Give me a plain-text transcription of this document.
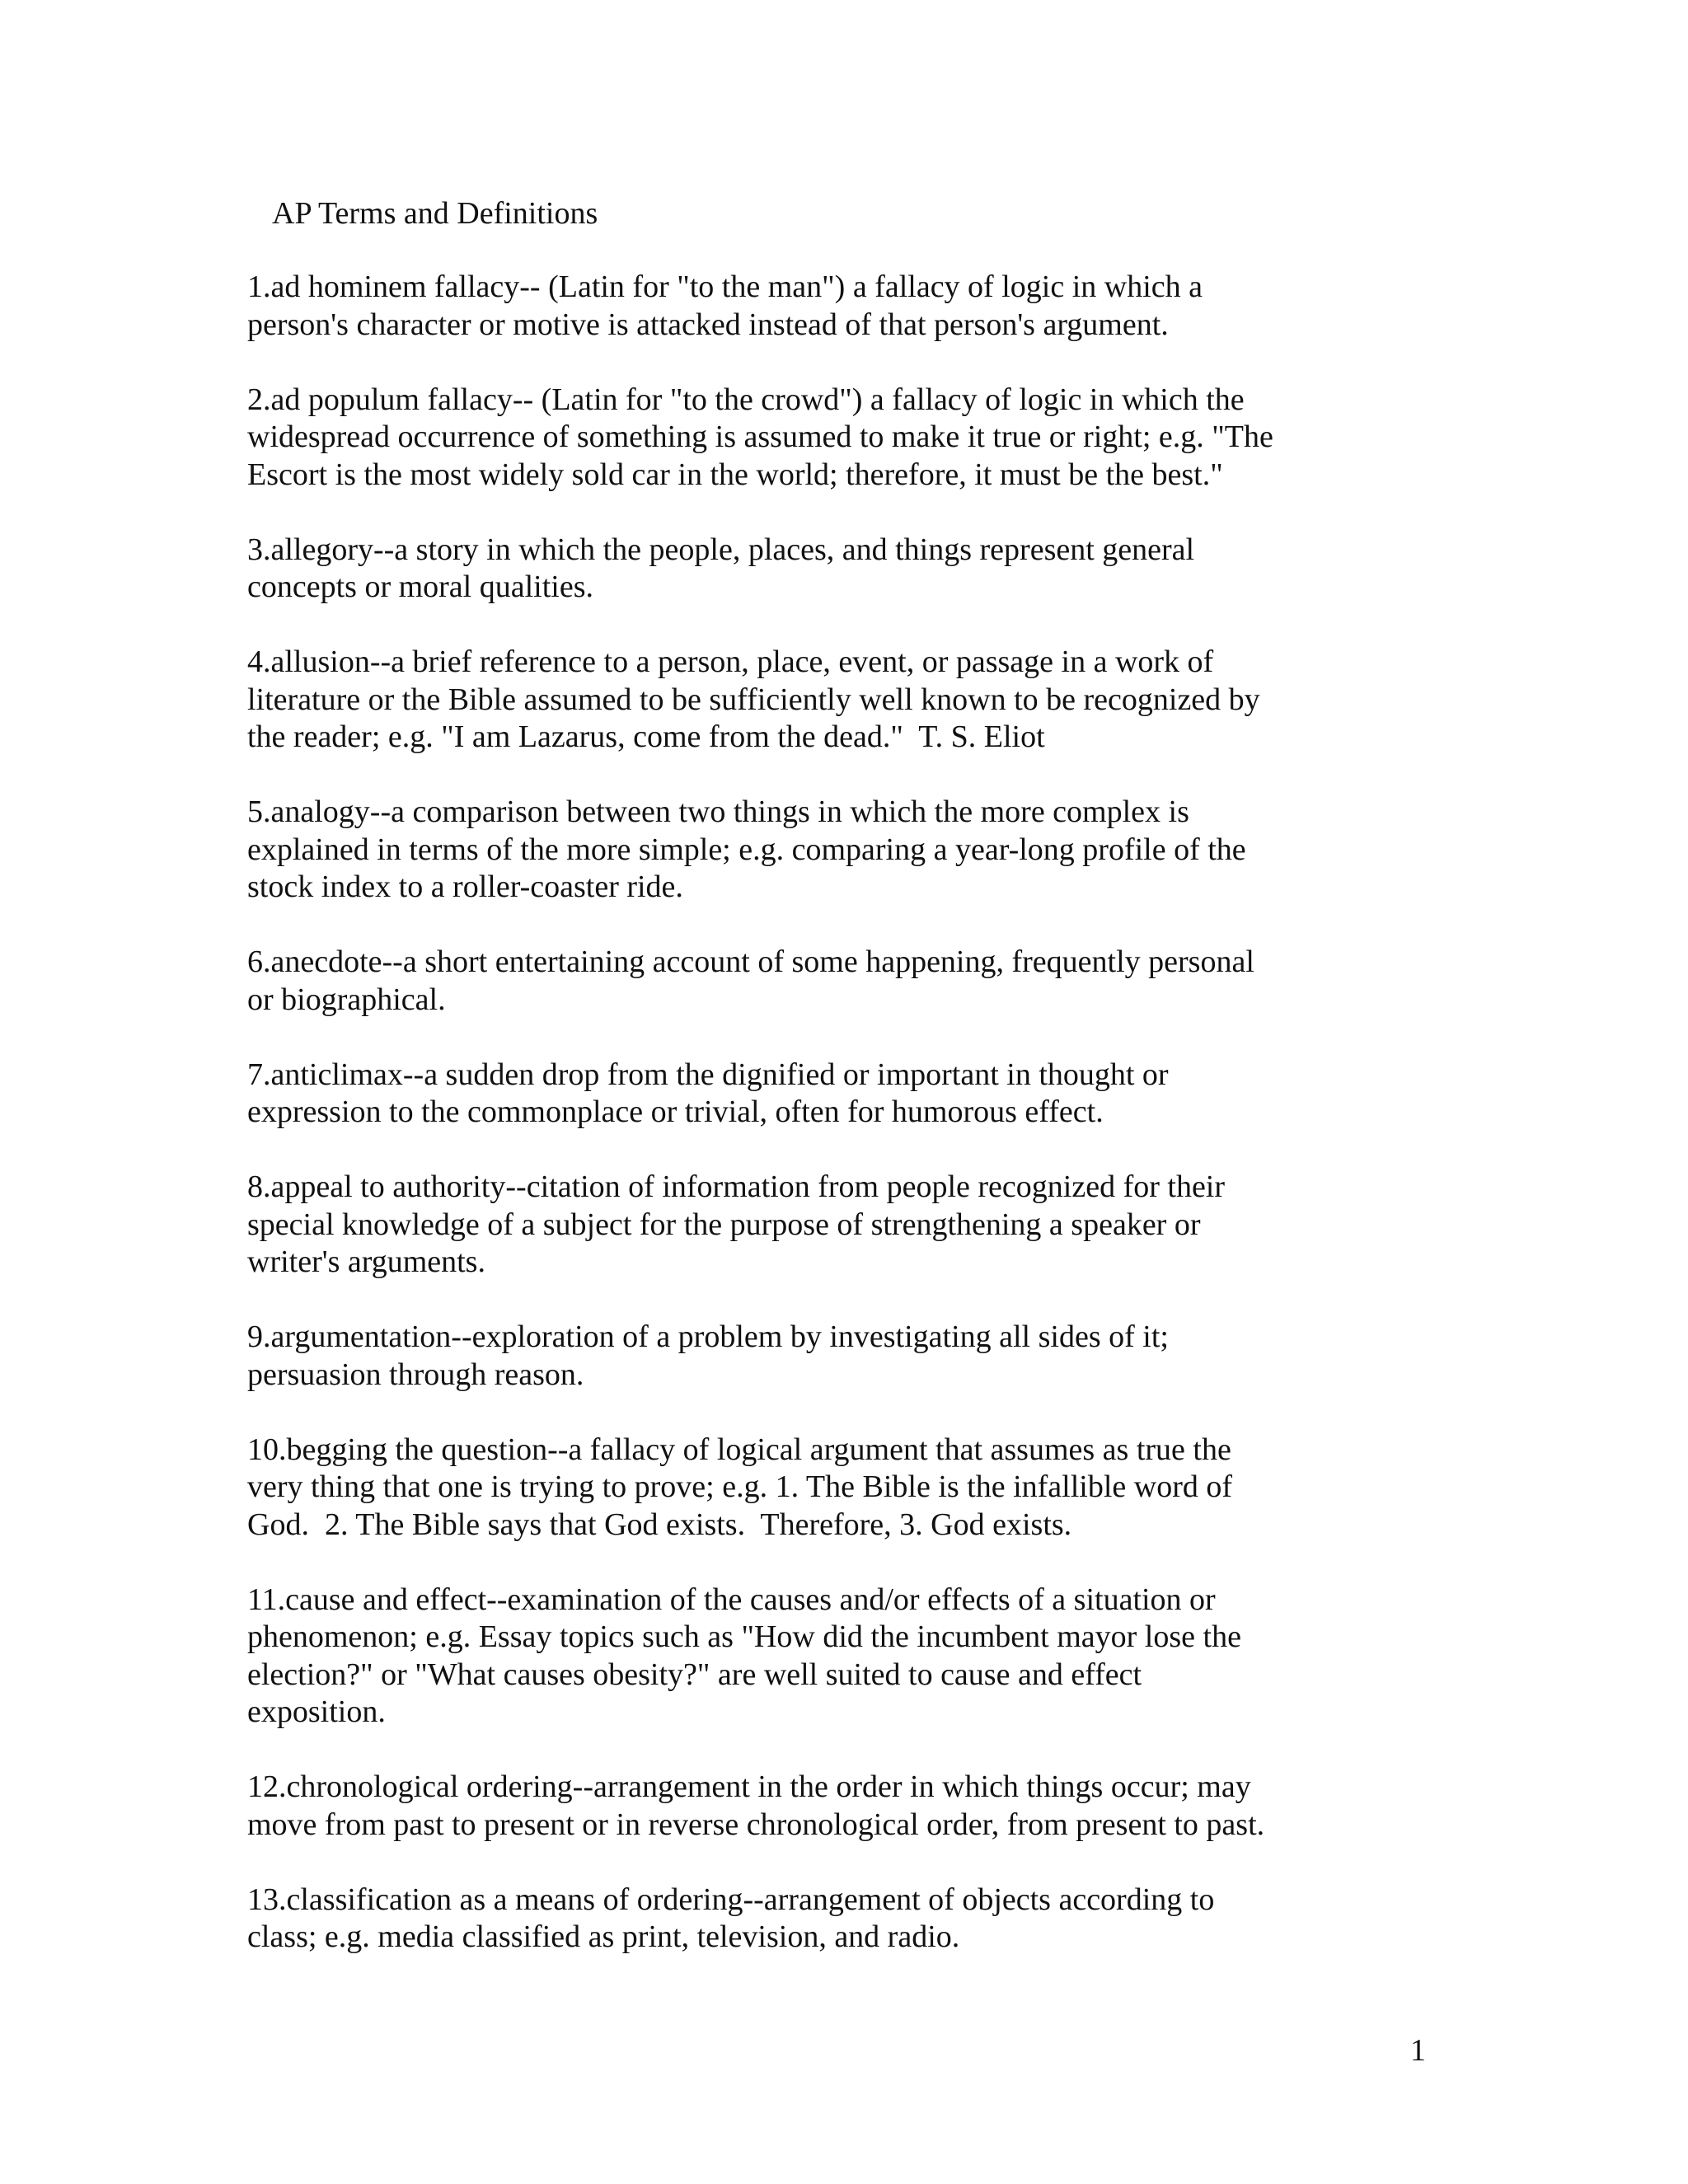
AP Terms and Definitions
1.ad hominem fallacy-- (Latin for "to the man") a fallacy of logic in which a
person's character or motive is attacked instead of that person's argument.
2.ad populum fallacy-- (Latin for "to the crowd") a fallacy of logic in which the
widespread occurrence of something is assumed to make it true or right; e.g. "The
Escort is the most widely sold car in the world; therefore, it must be the best."
3.allegory--a story in which the people, places, and things represent general
concepts or moral qualities.
4.allusion--a brief reference to a person, place, event, or passage in a work of
literature or the Bible assumed to be sufficiently well known to be recognized by
the reader; e.g. "I am Lazarus, come from the dead."  T. S. Eliot
5.analogy--a comparison between two things in which the more complex is
explained in terms of the more simple; e.g. comparing a year-long profile of the
stock index to a roller-coaster ride.
6.anecdote--a short entertaining account of some happening, frequently personal
or biographical.
7.anticlimax--a sudden drop from the dignified or important in thought or
expression to the commonplace or trivial, often for humorous effect.
8.appeal to authority--citation of information from people recognized for their
special knowledge of a subject for the purpose of strengthening a speaker or
writer's arguments.
9.argumentation--exploration of a problem by investigating all sides of it;
persuasion through reason.
10.begging the question--a fallacy of logical argument that assumes as true the
very thing that one is trying to prove; e.g. 1. The Bible is the infallible word of
God.  2. The Bible says that God exists.  Therefore, 3. God exists.
11.cause and effect--examination of the causes and/or effects of a situation or
phenomenon; e.g. Essay topics such as "How did the incumbent mayor lose the
election?" or "What causes obesity?" are well suited to cause and effect
exposition.
12.chronological ordering--arrangement in the order in which things occur; may
move from past to present or in reverse chronological order, from present to past.
13.classification as a means of ordering--arrangement of objects according to
class; e.g. media classified as print, television, and radio.
1
